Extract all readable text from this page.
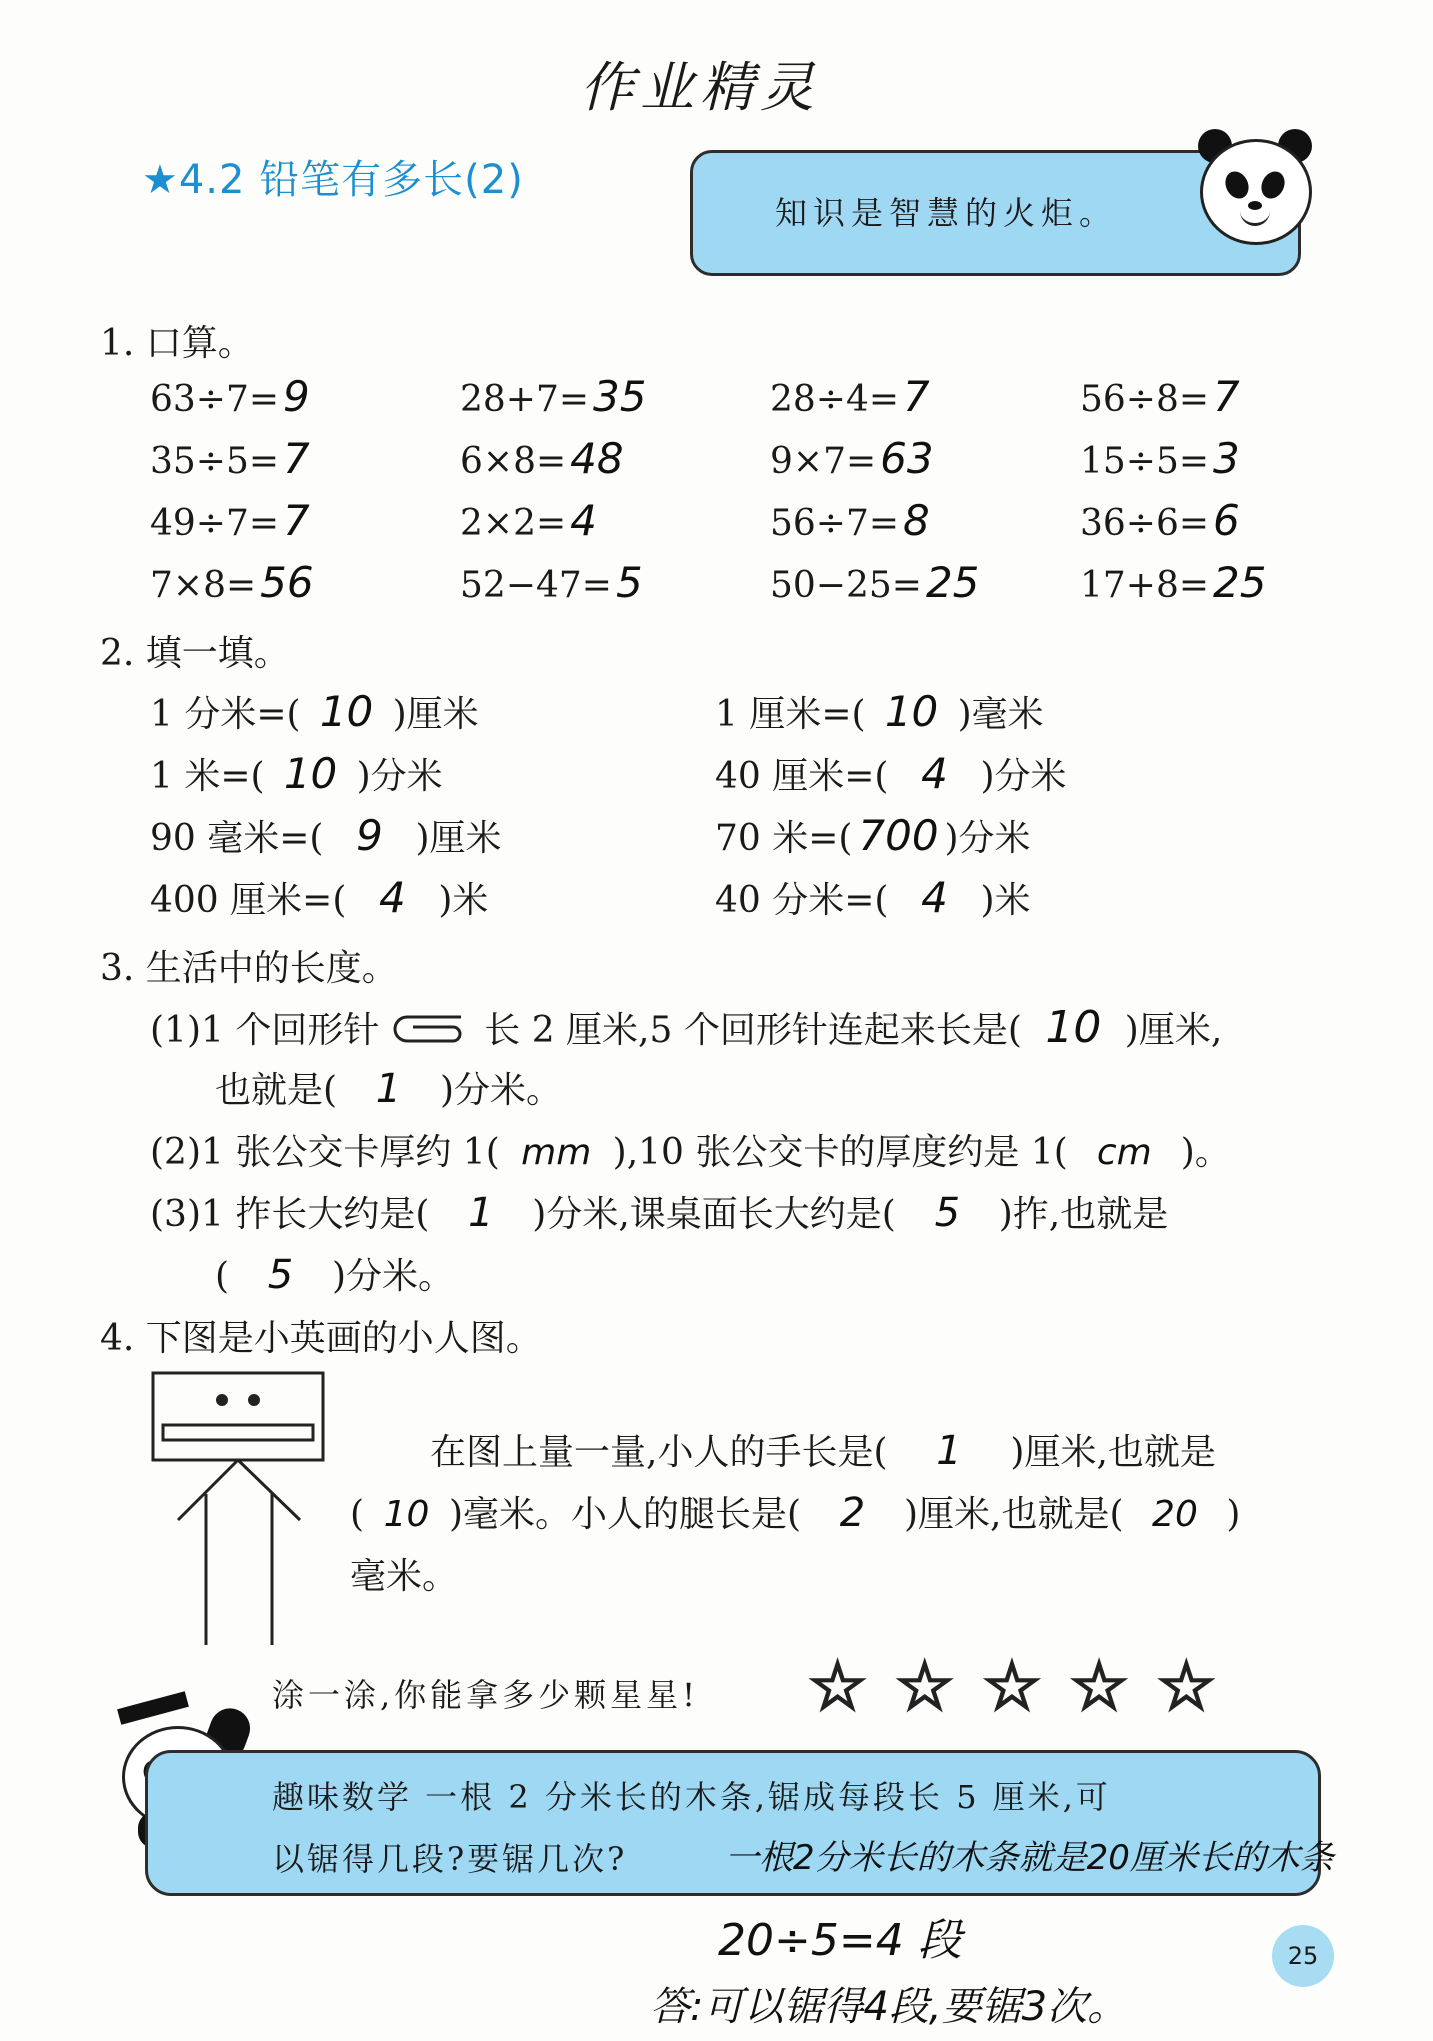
作业精灵
★4.2 铅笔有多长(2)
知识是智慧的火炬。
1. 口算。
63÷7=9	28+7=35	28÷4=7	56÷8=7
35÷5=7	6×8=48	9×7=63	15÷5=3
49÷7=7	2×2=4	56÷7=8	36÷6=6
7×8=56	52−47=5	50−25=25	17+8=25
2. 填一填。
1 分米=( 10 )厘米	1 厘米=( 10 )毫米
1 米=( 10 )分米	40 厘米=( 4 )分米
90 毫米=( 9 )厘米	70 米=( 700 )分米
400 厘米=( 4 )米	40 分米=( 4 )米
3. 生活中的长度。
(1)1 个回形针	长 2 厘米,5 个回形针连起来长是( 10 )厘米,
也就是( 1 )分米。
(2)1 张公交卡厚约 1( mm ),10 张公交卡的厚度约是 1( cm )。
(3)1 拃长大约是( 1 )分米,课桌面长大约是( 5 )拃,也就是
( 5 )分米。
4. 下图是小英画的小人图。
在图上量一量,小人的手长是( 1 )厘米,也就是
( 10 )毫米。小人的腿长是( 2 )厘米,也就是( 20 )
毫米。
涂一涂,你能拿多少颗星星! ☆ ☆ ☆ ☆ ☆
趣味数学 一根 2 分米长的木条,锯成每段长 5 厘米,可
以锯得几段?要锯几次?	一根2分米长的木条就是20厘米长的木条
20÷5=4 段
答:可以锯得4段,要锯3次。
25
